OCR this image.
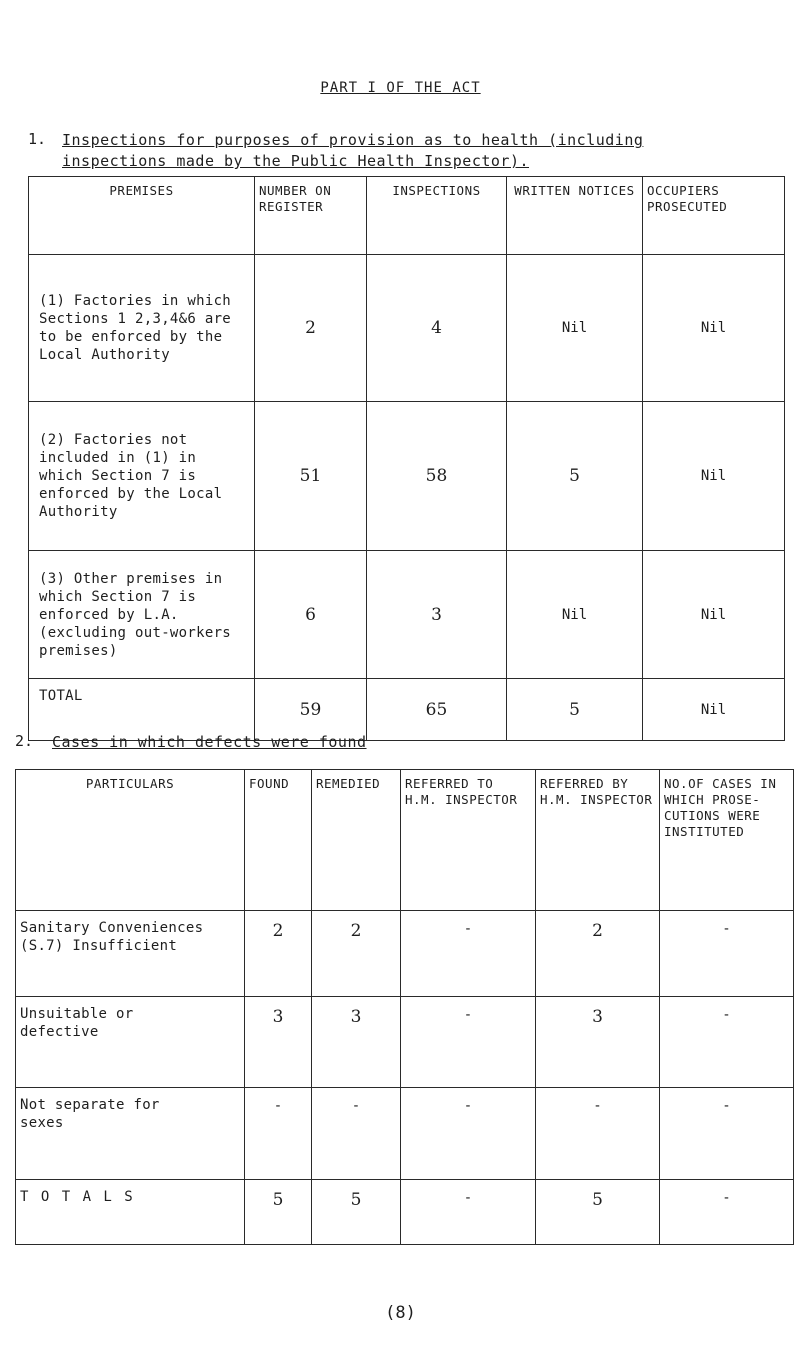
PART I OF THE ACT
1. Inspections for purposes of provision as to health (including
inspections made by the Public Health Inspector).
PREMISES	NUMBER ON REGISTER	INSPECTIONS	WRITTEN NOTICES	OCCUPIERS PROSECUTED
(1) Factories in which Sections 1 2,3,4&6 are to be enforced by the Local Authority	2	4	Nil	Nil
(2) Factories not included in (1) in which Section 7 is enforced by the Local Authority	51	58	5	Nil
(3) Other premises in which Section 7 is enforced by L.A. (excluding out-workers premises)	6	3	Nil	Nil
TOTAL	59	65	5	Nil
2. Cases in which defects were found
PARTICULARS	FOUND	REMEDIED	REFERRED TO H.M. INSPECTOR	REFERRED BY H.M. INSPECTOR	NO.OF CASES IN WHICH PROSE-CUTIONS WERE INSTITUTED
Sanitary Conveniences (S.7) Insufficient	2	2	-	2	-
Unsuitable or defective	3	3	-	3	-
Not separate for sexes	-	-	-	-	-
T O T A L S	5	5	-	5	-
(8)
